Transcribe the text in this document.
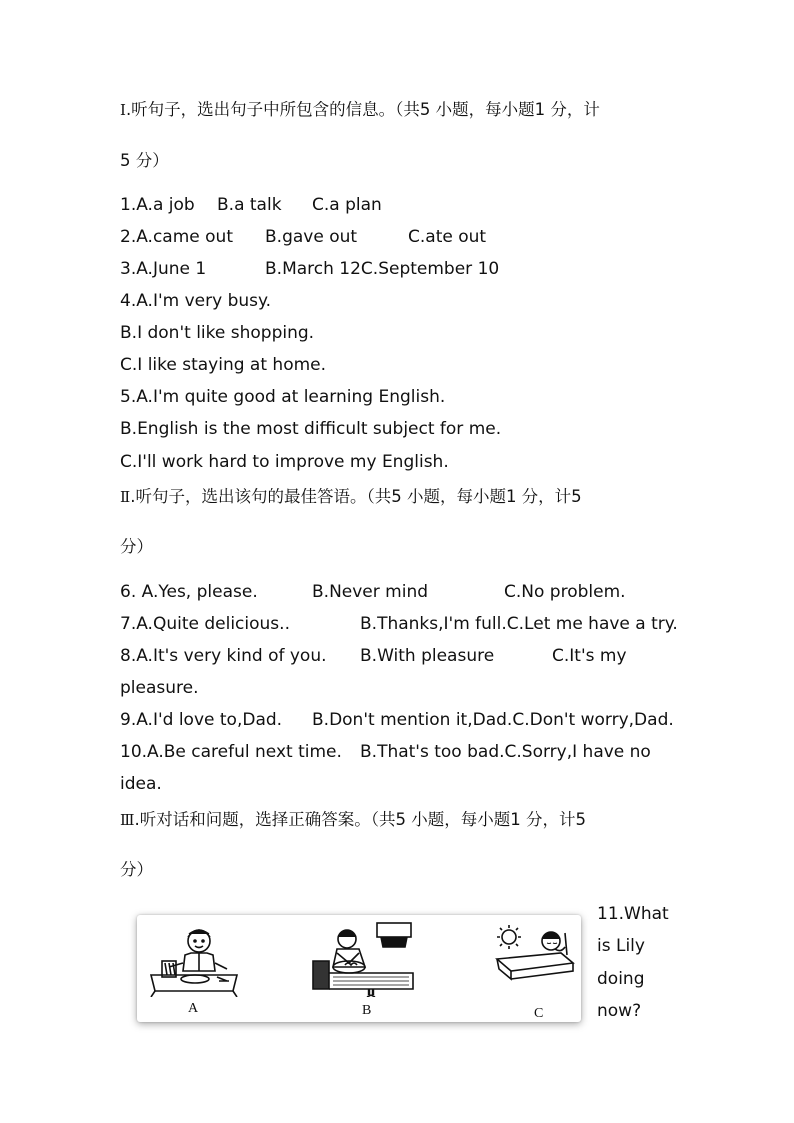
I.听句子，选出句子中所包含的信息。（共5 小题，每小题1 分，计
5 分）
1.A.a job B.a talk C.a plan
2.A.came out B.gave out	C.ate out
3.A.June 1	B.March 12C.September 10
4.A.I'm very busy.
B.I don't like shopping.
C.I like staying at home.
5.A.I'm quite good at learning English.
B.English is the most difficult subject for me.
C.I'll work hard to improve my English.
Ⅱ.听句子，选出该句的最佳答语。（共5 小题，每小题1 分，计5
分）
6. A.Yes, please.	B.Never mind	C.No problem.
7.A.Quite delicious..	B.Thanks,I'm full.C.Let me have a try.
8.A.It's very kind of you. B.With pleasure	C.It's my
pleasure.
9.A.I'd love to,Dad. B.Don't mention it,Dad.C.Don't worry,Dad.
10.A.Be careful next time. B.That's too bad.C.Sorry,I have no
idea.
Ⅲ.听对话和问题，选择正确答案。（共5 小题，每小题1 分，计5
分）
A	B	C
11.What
is Lily
doing
now?
